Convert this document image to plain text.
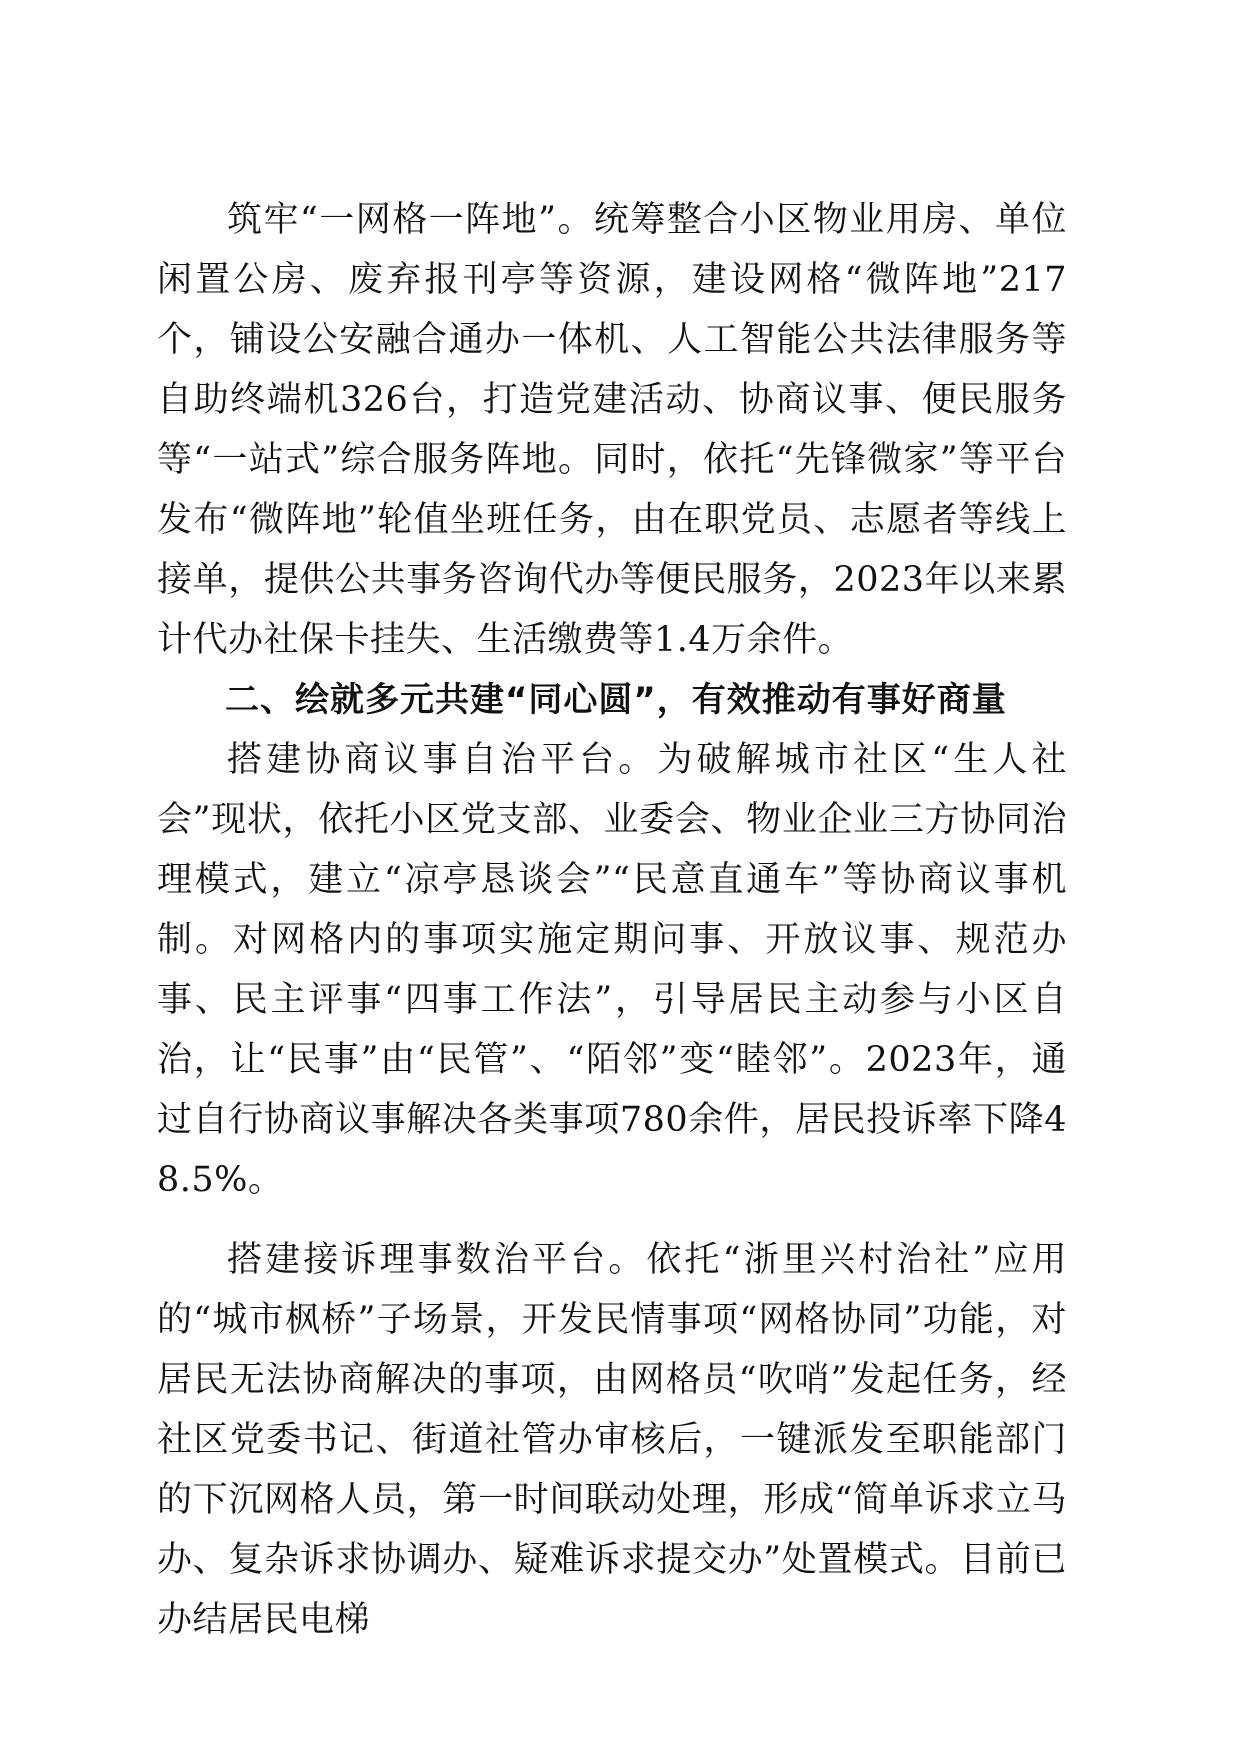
筑牢“一网格一阵地”。统筹整合小区物业用房、单位闲置公房、废弃报刊亭等资源，建设网格“微阵地”217个，铺设公安融合通办一体机、人工智能公共法律服务等自助终端机326台，打造党建活动、协商议事、便民服务等“一站式”综合服务阵地。同时，依托“先锋微家”等平台发布“微阵地”轮值坐班任务，由在职党员、志愿者等线上接单，提供公共事务咨询代办等便民服务，2023年以来累计代办社保卡挂失、生活缴费等1.4万余件。

二、绘就多元共建“同心圆”，有效推动有事好商量

搭建协商议事自治平台。为破解城市社区“生人社会”现状，依托小区党支部、业委会、物业企业三方协同治理模式，建立“凉亭恳谈会”“民意直通车”等协商议事机制。对网格内的事项实施定期问事、开放议事、规范办事、民主评事“四事工作法”，引导居民主动参与小区自治，让“民事”由“民管”、“陌邻”变“睦邻”。2023年，通过自行协商议事解决各类事项780余件，居民投诉率下降48.5%。

搭建接诉理事数治平台。依托“浙里兴村治社”应用的“城市枫桥”子场景，开发民情事项“网格协同”功能，对居民无法协商解决的事项，由网格员“吹哨”发起任务，经社区党委书记、街道社管办审核后，一键派发至职能部门的下沉网格人员，第一时间联动处理，形成“简单诉求立马办、复杂诉求协调办、疑难诉求提交办”处置模式。目前已办结居民电梯
